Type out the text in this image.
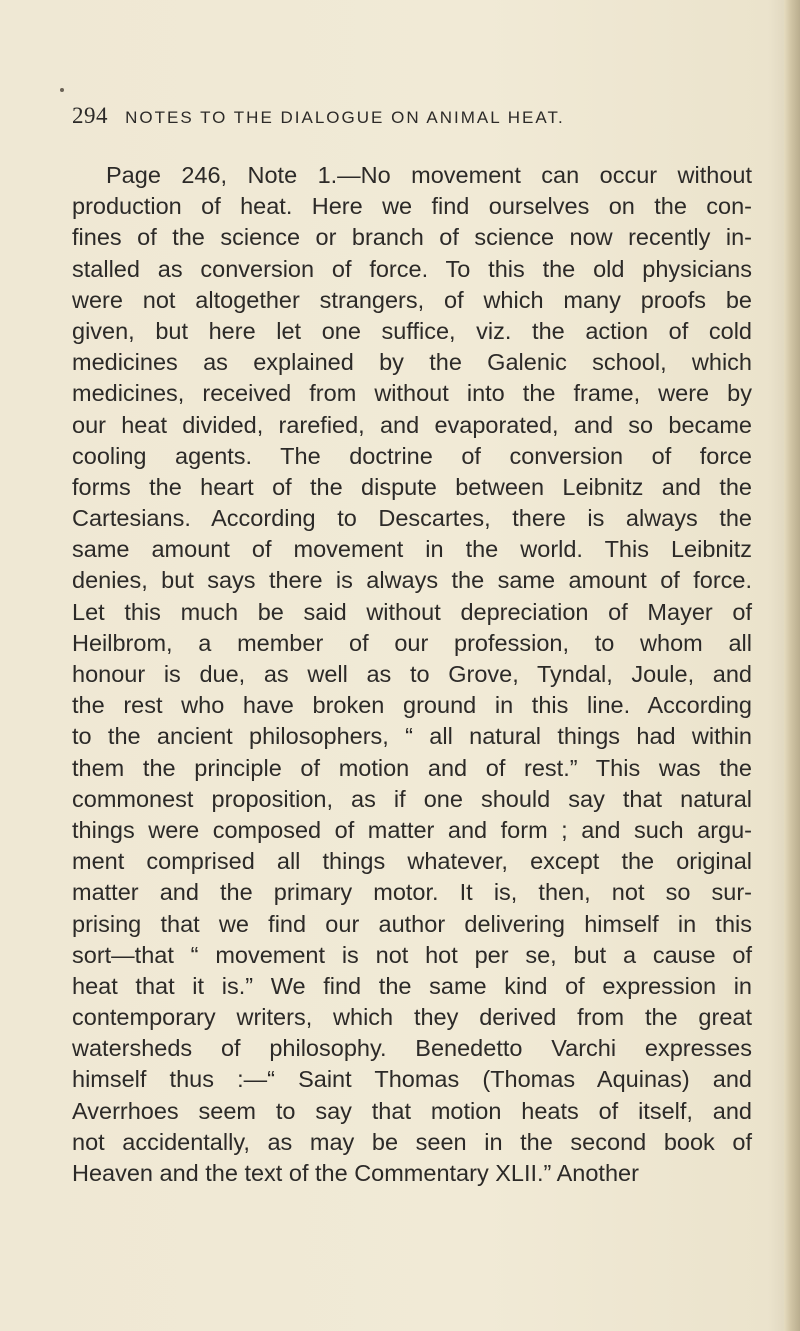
294 NOTES TO THE DIALOGUE ON ANIMAL HEAT.
Page 246, Note 1.—No movement can occur without
production of heat. Here we find ourselves on the con-
fines of the science or branch of science now recently in-
stalled as conversion of force. To this the old physicians
were not altogether strangers, of which many proofs be
given, but here let one suffice, viz. the action of cold
medicines as explained by the Galenic school, which
medicines, received from without into the frame, were by
our heat divided, rarefied, and evaporated, and so became
cooling agents. The doctrine of conversion of force
forms the heart of the dispute between Leibnitz and the
Cartesians. According to Descartes, there is always the
same amount of movement in the world. This Leibnitz
denies, but says there is always the same amount of force.
Let this much be said without depreciation of Mayer of
Heilbrom, a member of our profession, to whom all
honour is due, as well as to Grove, Tyndal, Joule, and
the rest who have broken ground in this line. According
to the ancient philosophers, “ all natural things had within
them the principle of motion and of rest.” This was the
commonest proposition, as if one should say that natural
things were composed of matter and form ; and such argu-
ment comprised all things whatever, except the original
matter and the primary motor. It is, then, not so sur-
prising that we find our author delivering himself in this
sort—that “ movement is not hot per se, but a cause of
heat that it is.” We find the same kind of expression in
contemporary writers, which they derived from the great
watersheds of philosophy. Benedetto Varchi expresses
himself thus :—“ Saint Thomas (Thomas Aquinas) and
Averrhoes seem to say that motion heats of itself, and
not accidentally, as may be seen in the second book of
Heaven and the text of the Commentary XLII.” Another
